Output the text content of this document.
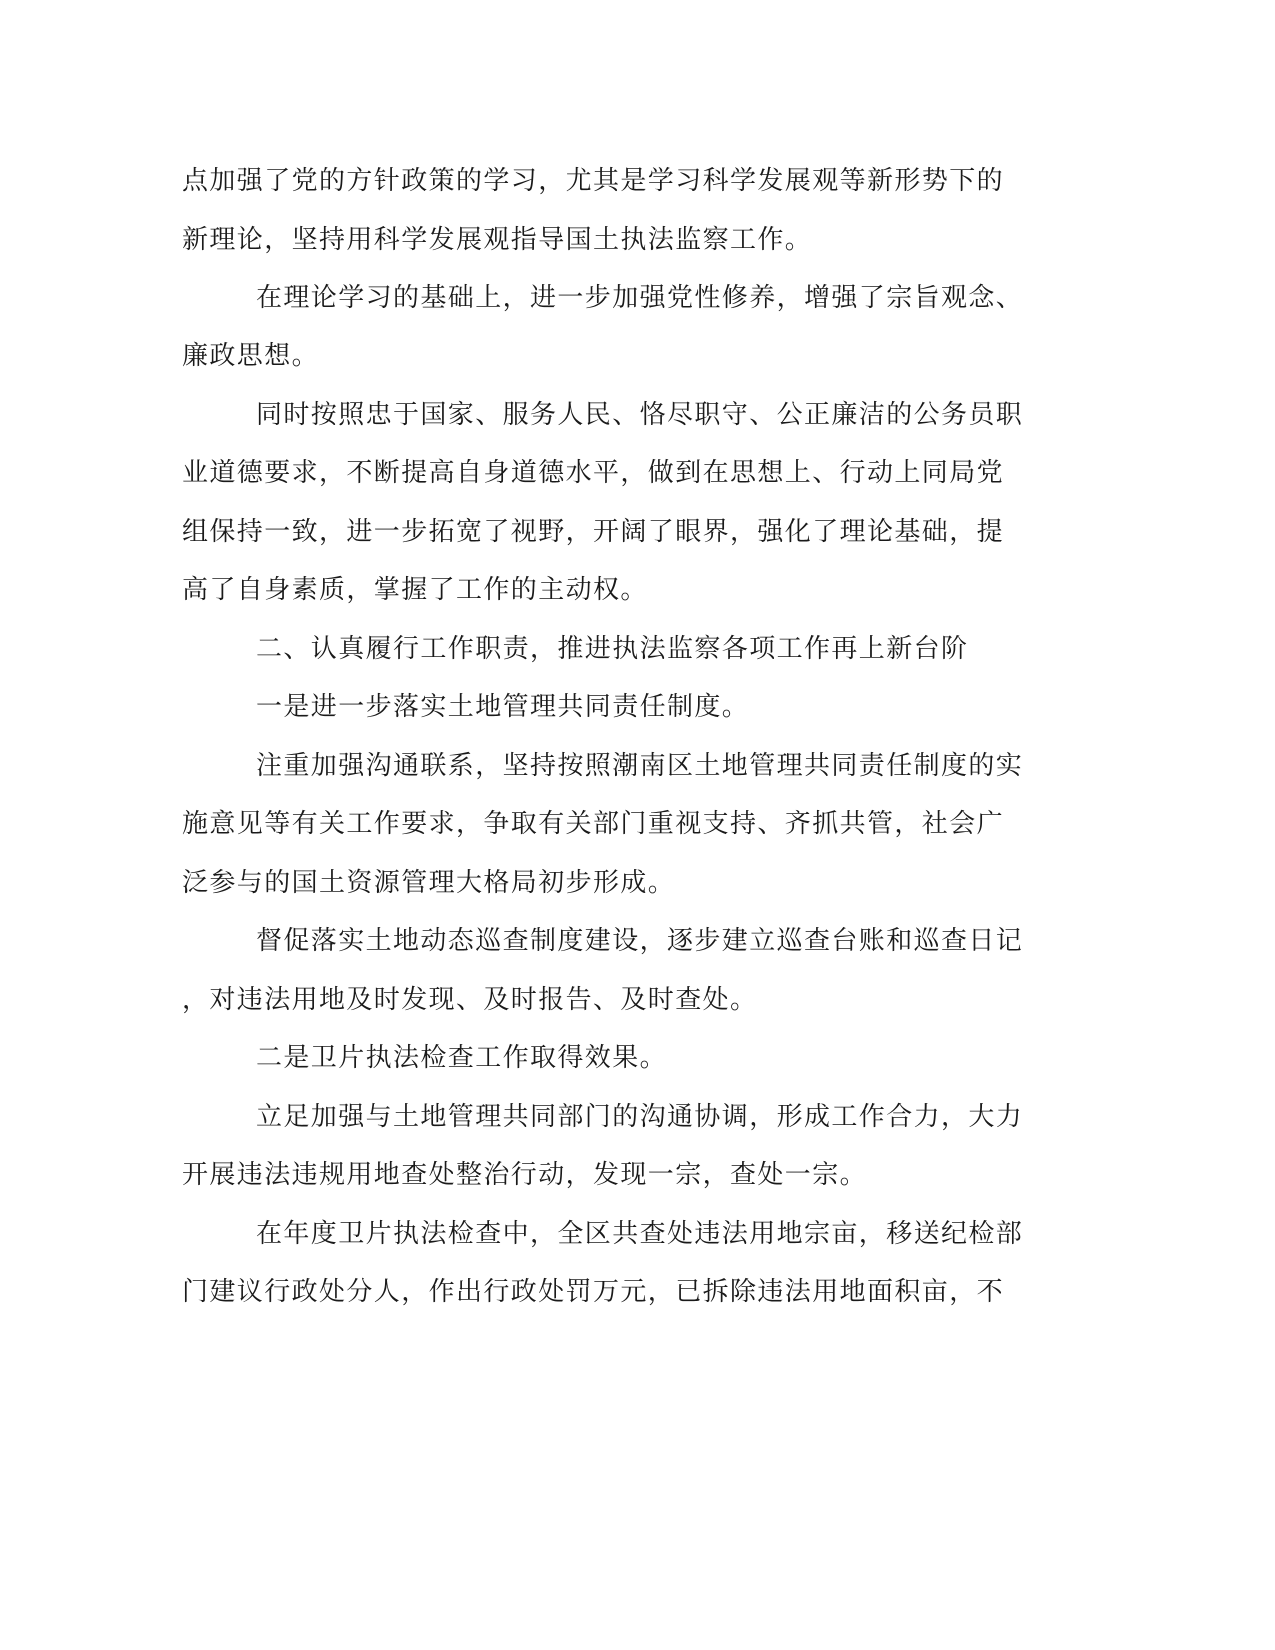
点加强了党的方针政策的学习，尤其是学习科学发展观等新形势下的
新理论，坚持用科学发展观指导国土执法监察工作。
在理论学习的基础上，进一步加强党性修养，增强了宗旨观念、
廉政思想。
同时按照忠于国家、服务人民、恪尽职守、公正廉洁的公务员职
业道德要求，不断提高自身道德水平，做到在思想上、行动上同局党
组保持一致，进一步拓宽了视野，开阔了眼界，强化了理论基础，提
高了自身素质，掌握了工作的主动权。
二、认真履行工作职责，推进执法监察各项工作再上新台阶
一是进一步落实土地管理共同责任制度。
注重加强沟通联系，坚持按照潮南区土地管理共同责任制度的实
施意见等有关工作要求，争取有关部门重视支持、齐抓共管，社会广
泛参与的国土资源管理大格局初步形成。
督促落实土地动态巡查制度建设，逐步建立巡查台账和巡查日记
，对违法用地及时发现、及时报告、及时查处。
二是卫片执法检查工作取得效果。
立足加强与土地管理共同部门的沟通协调，形成工作合力，大力
开展违法违规用地查处整治行动，发现一宗，查处一宗。
在年度卫片执法检查中，全区共查处违法用地宗亩，移送纪检部
门建议行政处分人，作出行政处罚万元，已拆除违法用地面积亩，不
